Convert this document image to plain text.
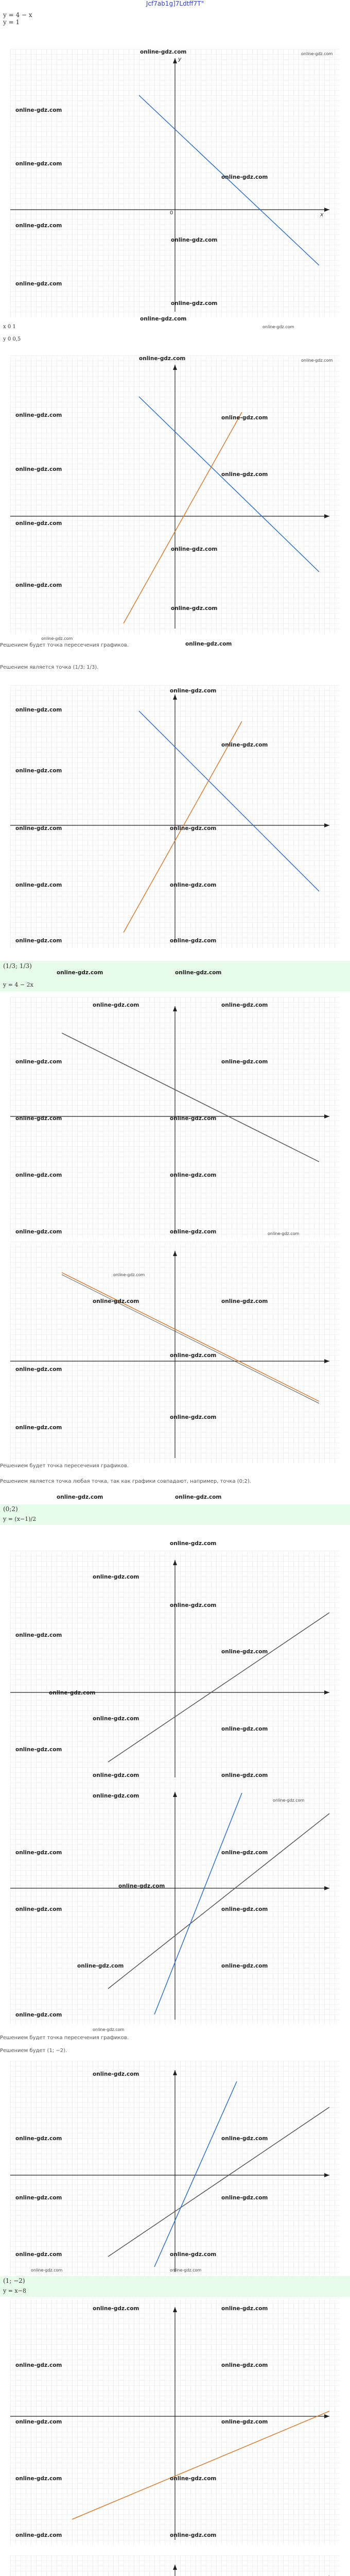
Jcf7ab1g]7Ldtff7T"
y = 4 − x
y = 1
x
y
0
online-gdz.com	online-gdz.com
online-gdz.com
online-gdz.com
online-gdz.com
online-gdz.com
online-gdz.com
online-gdz.com
online-gdz.com
online-gdz.com
x 0 1
y 0 0,5
online-gdz.com
online-gdz.com	online-gdz.com
online-gdz.com	online-gdz.com
online-gdz.com
online-gdz.com
online-gdz.com
online-gdz.com
online-gdz.com
online-gdz.com
online-gdz.com
Решением будет точка пересечения графиков.	online-gdz.com
Решением является точка (1/3; 1/3).
online-gdz.com
online-gdz.com
online-gdz.com
online-gdz.com
online-gdz.com	online-gdz.com
online-gdz.com	online-gdz.com
online-gdz.com	online-gdz.com
(1/3; 1/3)
online-gdz.com	online-gdz.com
y = 4 − 2x
online-gdz.com	online-gdz.com
online-gdz.com	online-gdz.com
online-gdz.com	online-gdz.com
online-gdz.com	online-gdz.com
online-gdz.com	online-gdz.com	online-gdz.com
online-gdz.com
online-gdz.com	online-gdz.com
online-gdz.com
online-gdz.com
online-gdz.com
online-gdz.com
Решением будет точка пересечения графиков.
Решением является точка любая точка, так как графики совпадают, например, точка (0;2).
online-gdz.com	online-gdz.com
(0;2)
y = (x−1)/2
online-gdz.com
online-gdz.com
online-gdz.com
online-gdz.com
online-gdz.com
online-gdz.com
online-gdz.com
online-gdz.com
online-gdz.com
online-gdz.com	online-gdz.com
online-gdz.com
online-gdz.com
online-gdz.com	online-gdz.com
online-gdz.com
online-gdz.com	online-gdz.com
online-gdz.com	online-gdz.com
online-gdz.com
online-gdz.com
Решением будет точка пересечения графиков.
Решением будет (1; −2).
online-gdz.com
online-gdz.com	online-gdz.com
online-gdz.com	online-gdz.com
online-gdz.com	online-gdz.com
online-gdz.com	online-gdz.com
(1; −2)
y = x−8
online-gdz.com	online-gdz.com
online-gdz.com	online-gdz.com
online-gdz.com	online-gdz.com
online-gdz.com	online-gdz.com
online-gdz.com	online-gdz.com
